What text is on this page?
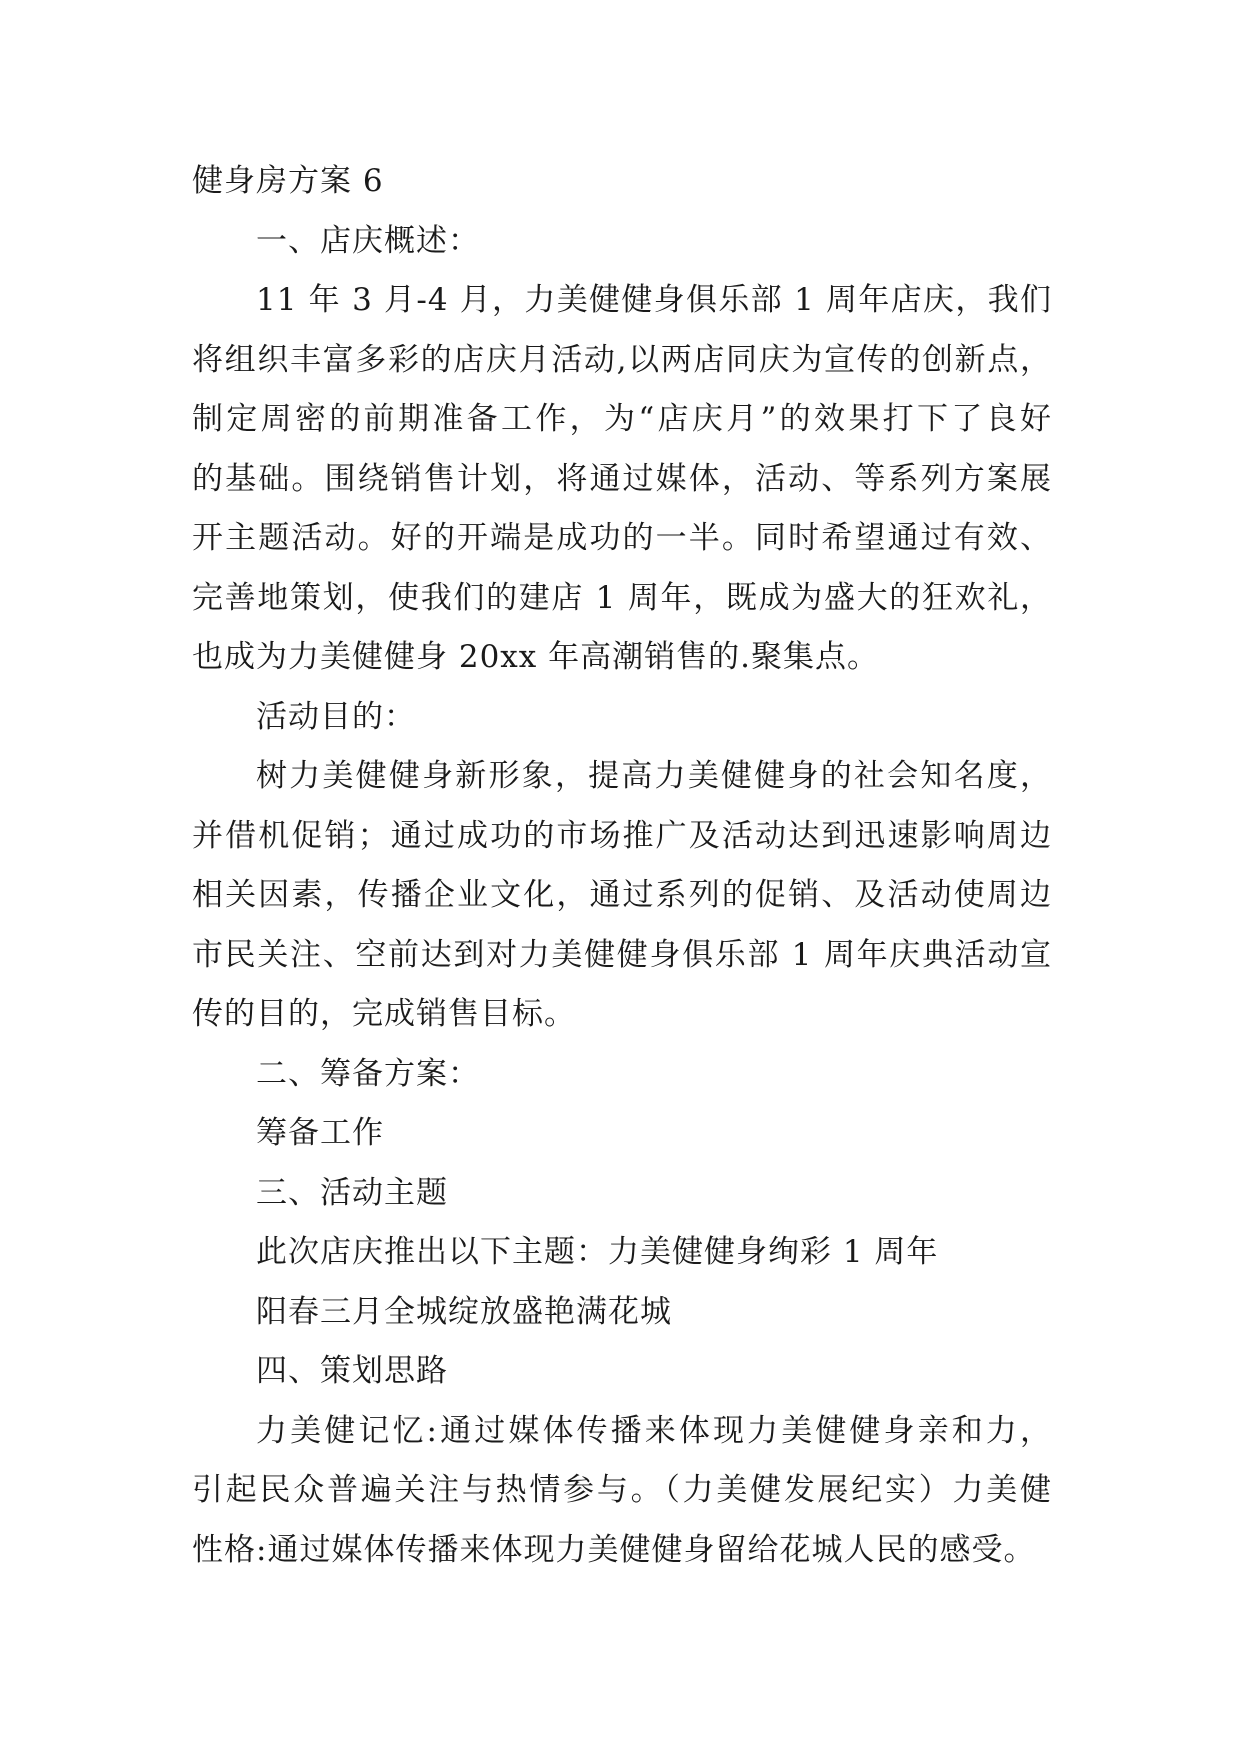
健身房方案 6
一、店庆概述：
11 年 3 月-4 月，力美健健身俱乐部 1 周年店庆，我们
将组织丰富多彩的店庆月活动,以两店同庆为宣传的创新点，
制定周密的前期准备工作，为“店庆月”的效果打下了良好
的基础。围绕销售计划，将通过媒体，活动、等系列方案展
开主题活动。好的开端是成功的一半。同时希望通过有效、
完善地策划，使我们的建店 1 周年，既成为盛大的狂欢礼，
也成为力美健健身 20xx 年高潮销售的.聚集点。
活动目的：
树力美健健身新形象，提高力美健健身的社会知名度，
并借机促销；通过成功的市场推广及活动达到迅速影响周边
相关因素，传播企业文化，通过系列的促销、及活动使周边
市民关注、空前达到对力美健健身俱乐部 1 周年庆典活动宣
传的目的，完成销售目标。
二、筹备方案：
筹备工作
三、活动主题
此次店庆推出以下主题：力美健健身绚彩 1 周年
阳春三月全城绽放盛艳满花城
四、策划思路
力美健记忆:通过媒体传播来体现力美健健身亲和力，
引起民众普遍关注与热情参与。（力美健发展纪实）力美健
性格:通过媒体传播来体现力美健健身留给花城人民的感受。
